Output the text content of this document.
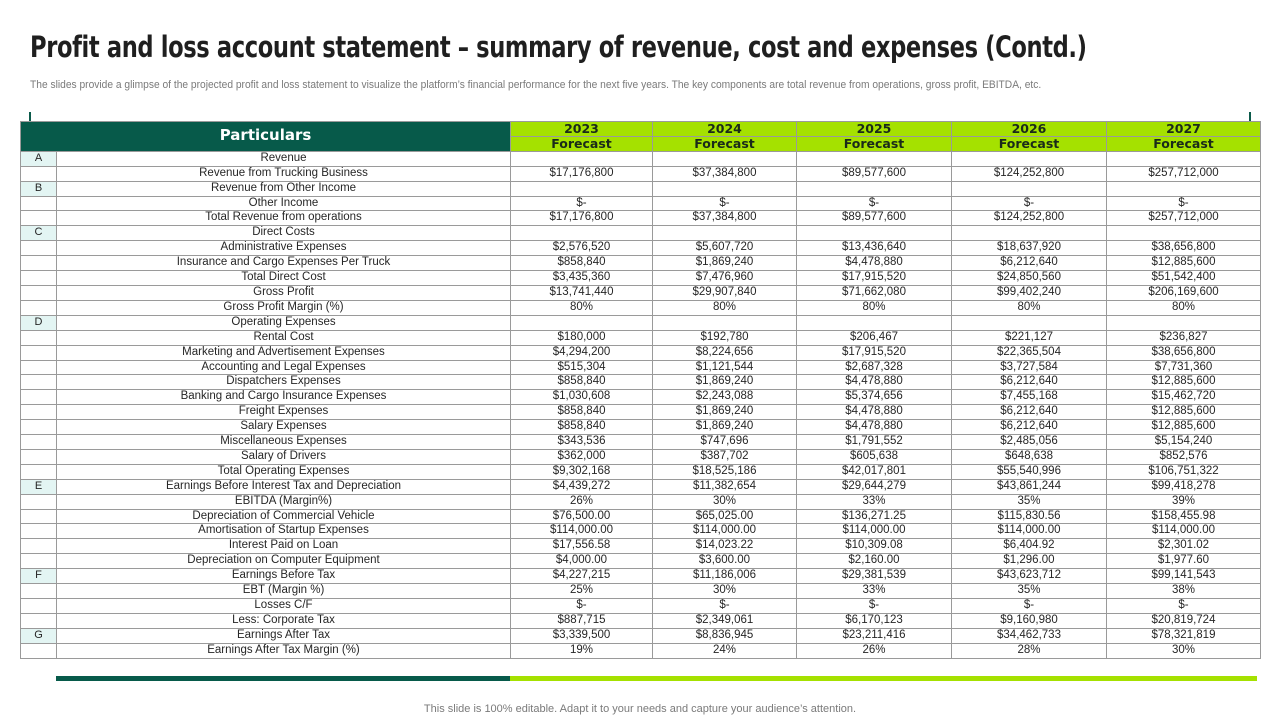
Profit and loss account statement – summary of revenue, cost and expenses (Contd.)
The slides provide a glimpse of the projected profit and loss statement to visualize the platform’s financial performance for the next five years. The key components are total revenue from operations, gross profit, EBITDA, etc.
Particulars		2023	2024	2025	2026	2027
		Forecast	Forecast	Forecast	Forecast	Forecast
A	Revenue					
	Revenue from Trucking Business	$17,176,800	$37,384,800	$89,577,600	$124,252,800	$257,712,000
B	Revenue from Other Income					
	Other Income	$-	$-	$-	$-	$-
	Total Revenue from operations	$17,176,800	$37,384,800	$89,577,600	$124,252,800	$257,712,000
C	Direct Costs					
	Administrative Expenses	$2,576,520	$5,607,720	$13,436,640	$18,637,920	$38,656,800
	Insurance and Cargo Expenses Per Truck	$858,840	$1,869,240	$4,478,880	$6,212,640	$12,885,600
	Total Direct Cost	$3,435,360	$7,476,960	$17,915,520	$24,850,560	$51,542,400
	Gross Profit	$13,741,440	$29,907,840	$71,662,080	$99,402,240	$206,169,600
	Gross Profit Margin (%)	80%	80%	80%	80%	80%
D	Operating Expenses					
	Rental Cost	$180,000	$192,780	$206,467	$221,127	$236,827
	Marketing and Advertisement Expenses	$4,294,200	$8,224,656	$17,915,520	$22,365,504	$38,656,800
	Accounting and Legal Expenses	$515,304	$1,121,544	$2,687,328	$3,727,584	$7,731,360
	Dispatchers Expenses	$858,840	$1,869,240	$4,478,880	$6,212,640	$12,885,600
	Banking and Cargo Insurance Expenses	$1,030,608	$2,243,088	$5,374,656	$7,455,168	$15,462,720
	Freight Expenses	$858,840	$1,869,240	$4,478,880	$6,212,640	$12,885,600
	Salary Expenses	$858,840	$1,869,240	$4,478,880	$6,212,640	$12,885,600
	Miscellaneous Expenses	$343,536	$747,696	$1,791,552	$2,485,056	$5,154,240
	Salary of Drivers	$362,000	$387,702	$605,638	$648,638	$852,576
	Total Operating Expenses	$9,302,168	$18,525,186	$42,017,801	$55,540,996	$106,751,322
E	Earnings Before Interest Tax and Depreciation	$4,439,272	$11,382,654	$29,644,279	$43,861,244	$99,418,278
	EBITDA (Margin%)	26%	30%	33%	35%	39%
	Depreciation of Commercial Vehicle	$76,500.00	$65,025.00	$136,271.25	$115,830.56	$158,455.98
	Amortisation of Startup Expenses	$114,000.00	$114,000.00	$114,000.00	$114,000.00	$114,000.00
	Interest Paid on Loan	$17,556.58	$14,023.22	$10,309.08	$6,404.92	$2,301.02
	Depreciation on Computer Equipment	$4,000.00	$3,600.00	$2,160.00	$1,296.00	$1,977.60
F	Earnings Before Tax	$4,227,215	$11,186,006	$29,381,539	$43,623,712	$99,141,543
	EBT (Margin %)	25%	30%	33%	35%	38%
	Losses C/F	$-	$-	$-	$-	$-
	Less: Corporate Tax	$887,715	$2,349,061	$6,170,123	$9,160,980	$20,819,724
G	Earnings After Tax	$3,339,500	$8,836,945	$23,211,416	$34,462,733	$78,321,819
	Earnings After Tax Margin (%)	19%	24%	26%	28%	30%
This slide is 100% editable. Adapt it to your needs and capture your audience’s attention.
